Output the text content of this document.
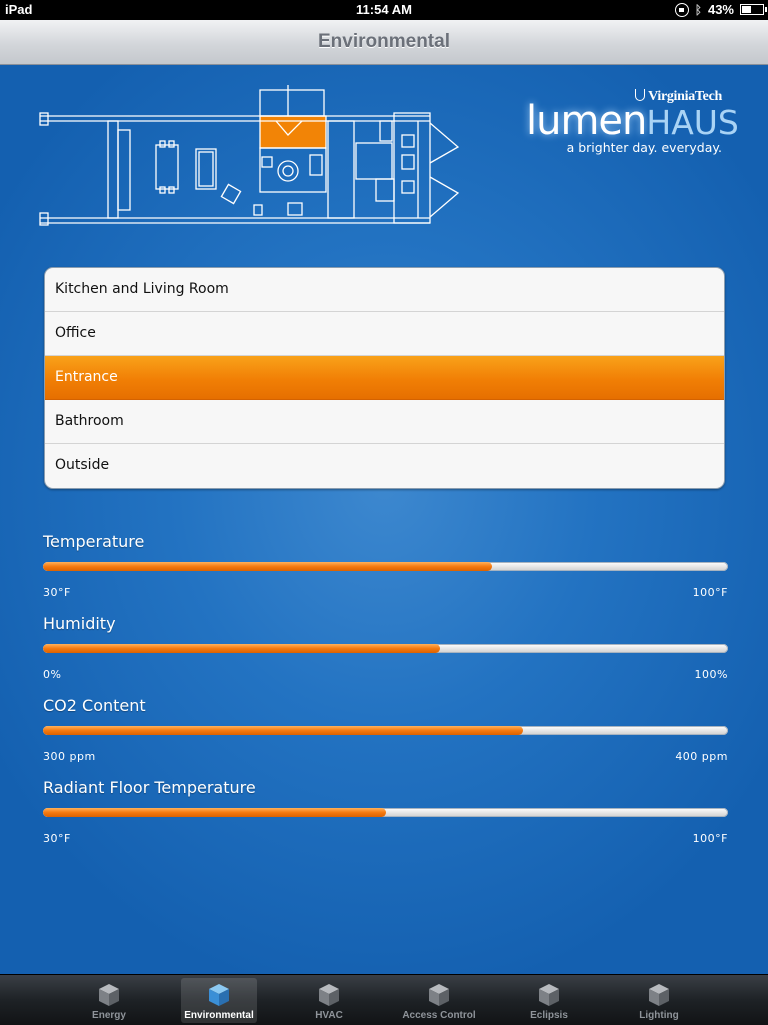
iPad	11:54 AM	ᛒ 43%
Environmental
VirginiaTech
lumenHAUS
a brighter day. everyday.
Kitchen and Living Room
Office
Entrance
Bathroom
Outside
Temperature
30°F	100°F
Humidity
0%	100%
CO2 Content
300 ppm	400 ppm
Radiant Floor Temperature
30°F	100°F
Energy	Environmental	HVAC	Access Control	Eclipsis	Lighting
